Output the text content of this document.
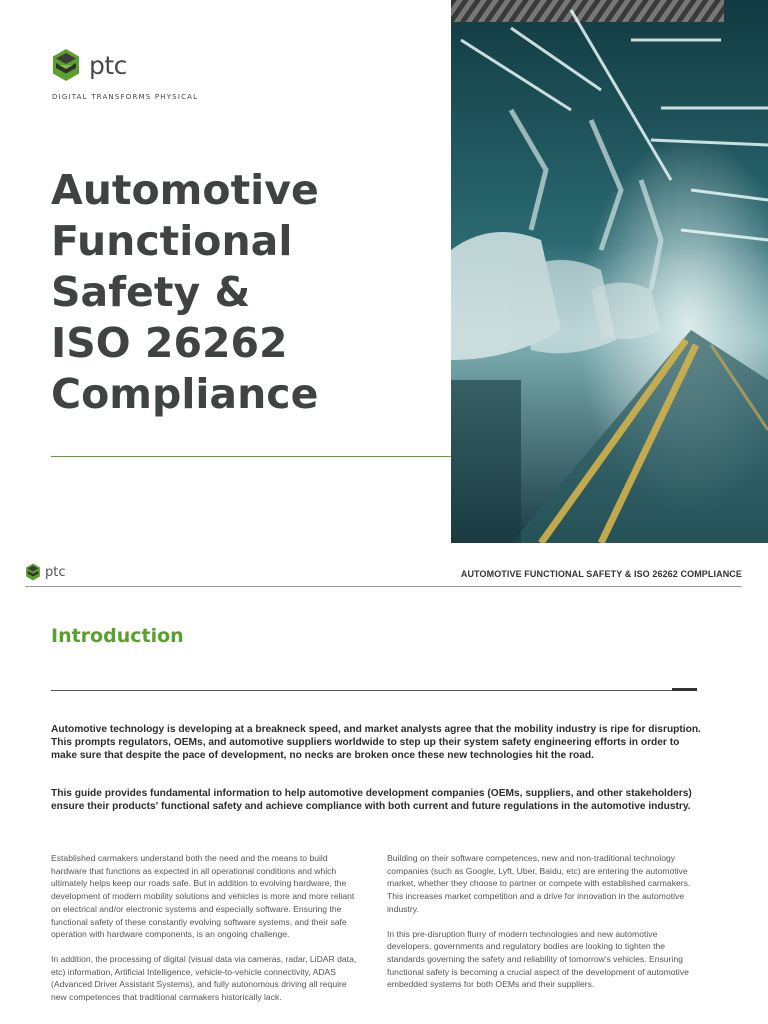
ptc
DIGITAL TRANSFORMS PHYSICAL
Automotive
Functional
Safety &
ISO 26262
Compliance
ptc	AUTOMOTIVE FUNCTIONAL SAFETY & ISO 26262 COMPLIANCE
Introduction
Automotive technology is developing at a breakneck speed, and market analysts agree that the mobility industry is ripe for disruption. This prompts regulators, OEMs, and automotive suppliers worldwide to step up their system safety engineering efforts in order to make sure that despite the pace of development, no necks are broken once these new technologies hit the road.
This guide provides fundamental information to help automotive development companies (OEMs, suppliers, and other stakeholders) ensure their products' functional safety and achieve compliance with both current and future regulations in the automotive industry.

Established carmakers understand both the need and the means to build hardware that functions as expected in all operational conditions and which ultimately helps keep our roads safe. But in addition to evolving hardware, the development of modern mobility solutions and vehicles is more and more reliant on electrical and/or electronic systems and especially software. Ensuring the functional safety of these constantly evolving software systems, and their safe operation with hardware components, is an ongoing challenge.

In addition, the processing of digital (visual data via cameras, radar, LiDAR data, etc) information, Artificial Intelligence, vehicle-to-vehicle connectivity, ADAS (Advanced Driver Assistant Systems), and fully autonomous driving all require new competences that traditional carmakers historically lack.

Building on their software competences, new and non-traditional technology companies (such as Google, Lyft, Uber, Baidu, etc) are entering the automotive market, whether they choose to partner or compete with established carmakers. This increases market competition and a drive for innovation in the automotive industry.

In this pre-disruption flurry of modern technologies and new automotive developers, governments and regulatory bodies are looking to tighten the standards governing the safety and reliability of tomorrow's vehicles. Ensuring functional safety is becoming a crucial aspect of the development of automotive embedded systems for both OEMs and their suppliers.
